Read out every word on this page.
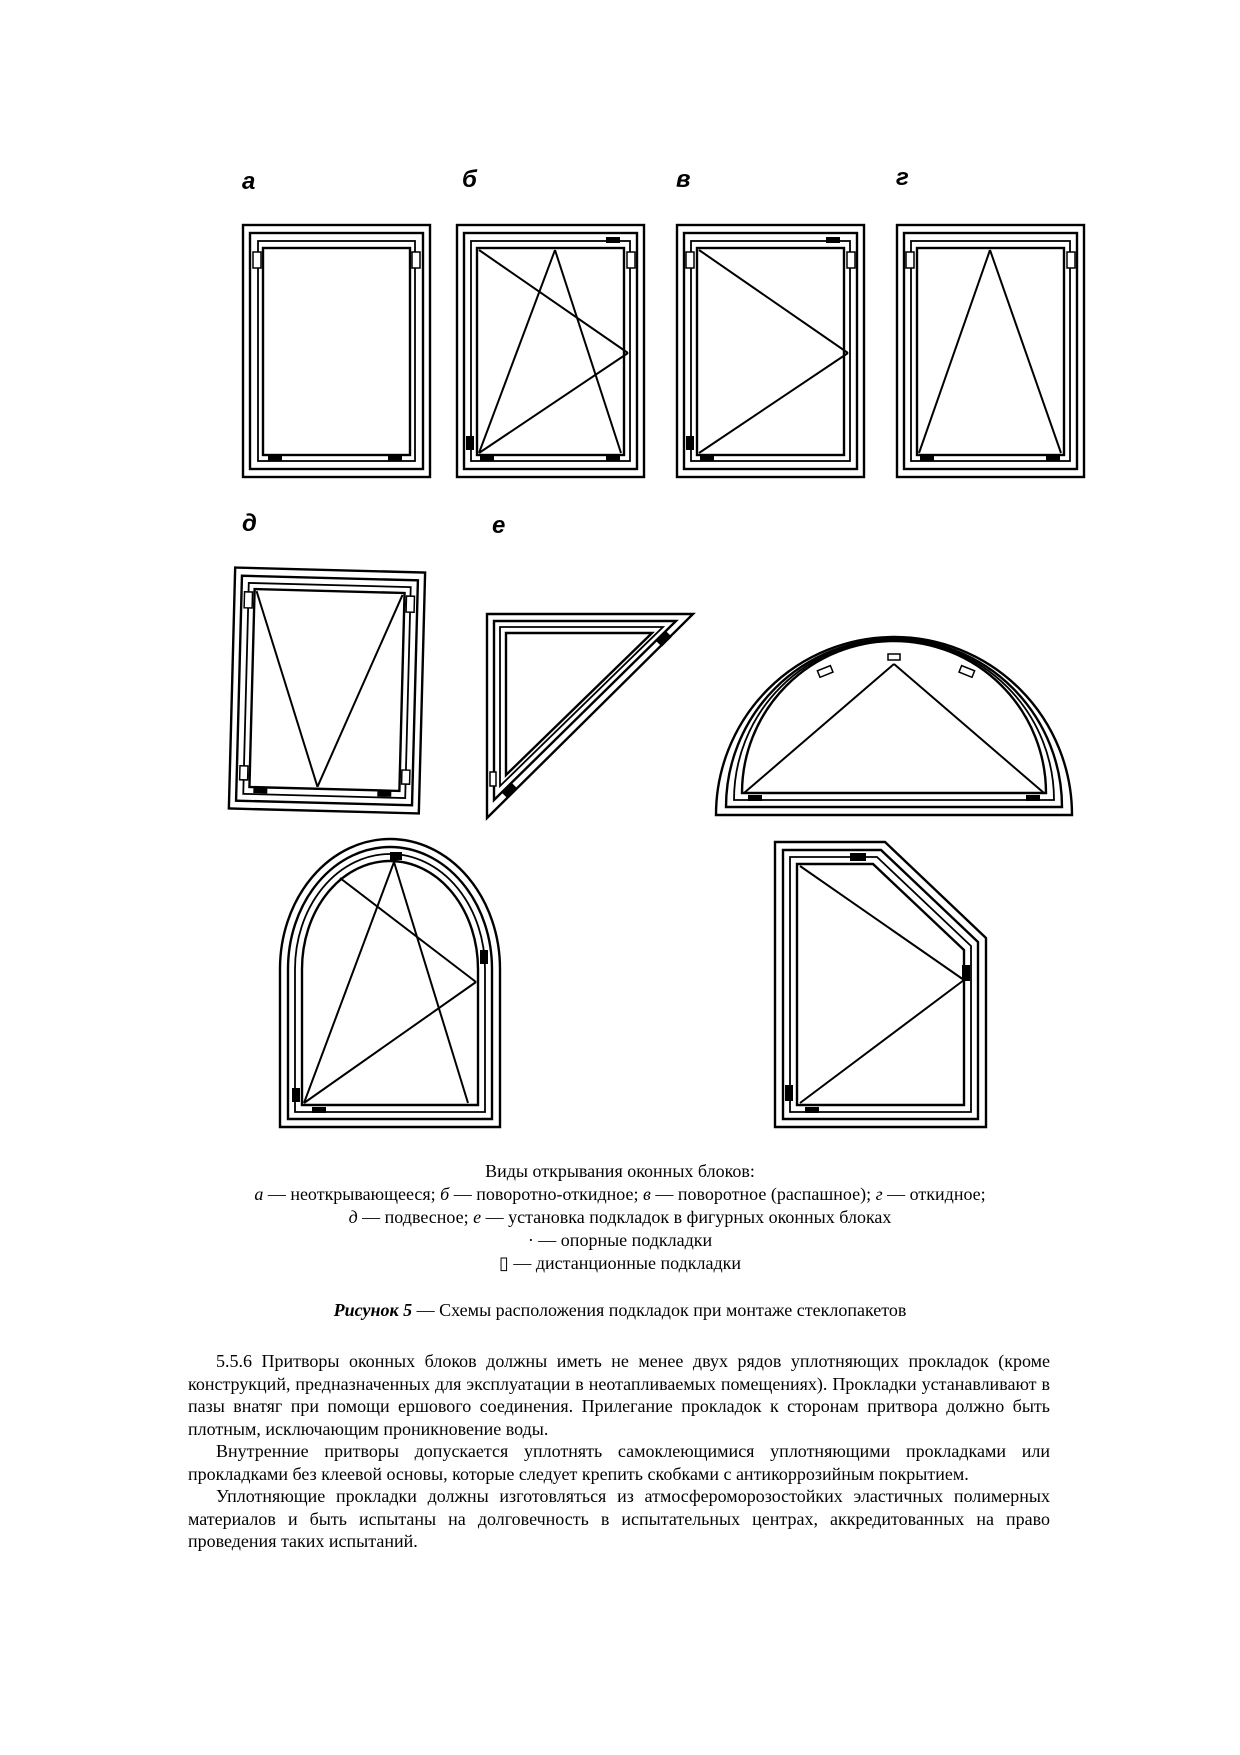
а	б	в	г
д	е
Виды открывания оконных блоков:
а — неоткрывающееся; б — поворотно-откидное; в — поворотное (распашное); г — откидное;
д — подвесное; е — установка подкладок в фигурных оконных блоках
· — опорные подкладки
▯ — дистанционные подкладки
Рисунок 5 — Схемы расположения подкладок при монтаже стеклопакетов

5.5.6 Притворы оконных блоков должны иметь не менее двух рядов уплотняющих прокладок (кроме конструкций, предназначенных для эксплуатации в неотапливаемых помещениях). Прокладки устанавливают в пазы внатяг при помощи ершового соединения. Прилегание прокладок к сторонам притвора должно быть плотным, исключающим проникновение воды.

Внутренние притворы допускается уплотнять самоклеющимися уплотняющими прокладками или прокладками без клеевой основы, которые следует крепить скобками с антикоррозийным покрытием.

Уплотняющие прокладки должны изготовляться из атмосфероморозостойких эластичных полимерных материалов и быть испытаны на долговечность в испытательных центрах, аккредитованных на право проведения таких испытаний.
